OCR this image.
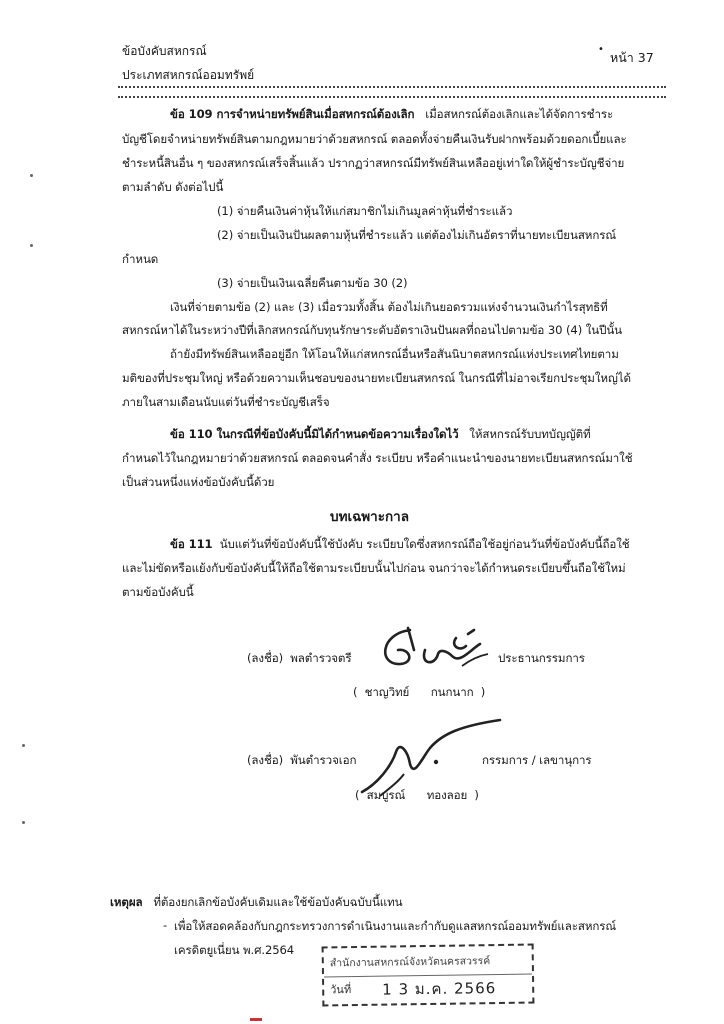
ข้อบังคับสหกรณ์
ประเภทสหกรณ์ออมทรัพย์
หน้า 37
•
ข้อ 109 การจำหน่ายทรัพย์สินเมื่อสหกรณ์ต้องเลิก เมื่อสหกรณ์ต้องเลิกและได้จัดการชำระ
บัญชีโดยจำหน่ายทรัพย์สินตามกฎหมายว่าด้วยสหกรณ์ ตลอดทั้งจ่ายคืนเงินรับฝากพร้อมด้วยดอกเบี้ยและ
ชำระหนี้สินอื่น ๆ ของสหกรณ์เสร็จสิ้นแล้ว ปรากฏว่าสหกรณ์มีทรัพย์สินเหลืออยู่เท่าใดให้ผู้ชำระบัญชีจ่าย
ตามลำดับ ดังต่อไปนี้
(1) จ่ายคืนเงินค่าหุ้นให้แก่สมาชิกไม่เกินมูลค่าหุ้นที่ชำระแล้ว
(2) จ่ายเป็นเงินปันผลตามหุ้นที่ชำระแล้ว แต่ต้องไม่เกินอัตราที่นายทะเบียนสหกรณ์
กำหนด
(3) จ่ายเป็นเงินเฉลี่ยคืนตามข้อ 30 (2)
เงินที่จ่ายตามข้อ (2) และ (3) เมื่อรวมทั้งสิ้น ต้องไม่เกินยอดรวมแห่งจำนวนเงินกำไรสุทธิที่
สหกรณ์หาได้ในระหว่างปีที่เลิกสหกรณ์กับทุนรักษาระดับอัตราเงินปันผลที่ถอนไปตามข้อ 30 (4) ในปีนั้น
ถ้ายังมีทรัพย์สินเหลืออยู่อีก ให้โอนให้แก่สหกรณ์อื่นหรือสันนิบาตสหกรณ์แห่งประเทศไทยตาม
มติของที่ประชุมใหญ่ หรือด้วยความเห็นชอบของนายทะเบียนสหกรณ์ ในกรณีที่ไม่อาจเรียกประชุมใหญ่ได้
ภายในสามเดือนนับแต่วันที่ชำระบัญชีเสร็จ
ข้อ 110 ในกรณีที่ข้อบังคับนี้มิได้กำหนดข้อความเรื่องใดไว้ ให้สหกรณ์รับบทบัญญัติที่
กำหนดไว้ในกฎหมายว่าด้วยสหกรณ์ ตลอดจนคำสั่ง ระเบียบ หรือคำแนะนำของนายทะเบียนสหกรณ์มาใช้
เป็นส่วนหนึ่งแห่งข้อบังคับนี้ด้วย
บทเฉพาะกาล
ข้อ 111 นับแต่วันที่ข้อบังคับนี้ใช้บังคับ ระเบียบใดซึ่งสหกรณ์ถือใช้อยู่ก่อนวันที่ข้อบังคับนี้ถือใช้
และไม่ขัดหรือแย้งกับข้อบังคับนี้ให้ถือใช้ตามระเบียบนั้นไปก่อน จนกว่าจะได้กำหนดระเบียบขึ้นถือใช้ใหม่
ตามข้อบังคับนี้
(ลงชื่อ) พลตำรวจตรี	ประธานกรรมการ
( ชาญวิทย์ กนกนาก )
(ลงชื่อ) พันตำรวจเอก	กรรมการ / เลขานุการ
( สมบูรณ์ ทองลอย )
เหตุผล ที่ต้องยกเลิกข้อบังคับเดิมและใช้ข้อบังคับฉบับนี้แทน
- เพื่อให้สอดคล้องกับกฎกระทรวงการดำเนินงานและกำกับดูแลสหกรณ์ออมทรัพย์และสหกรณ์
เครดิตยูเนี่ยน พ.ศ.2564
สำนักงานสหกรณ์จังหวัดนครสวรรค์
วันที่ 1 3 ม.ค. 2566
